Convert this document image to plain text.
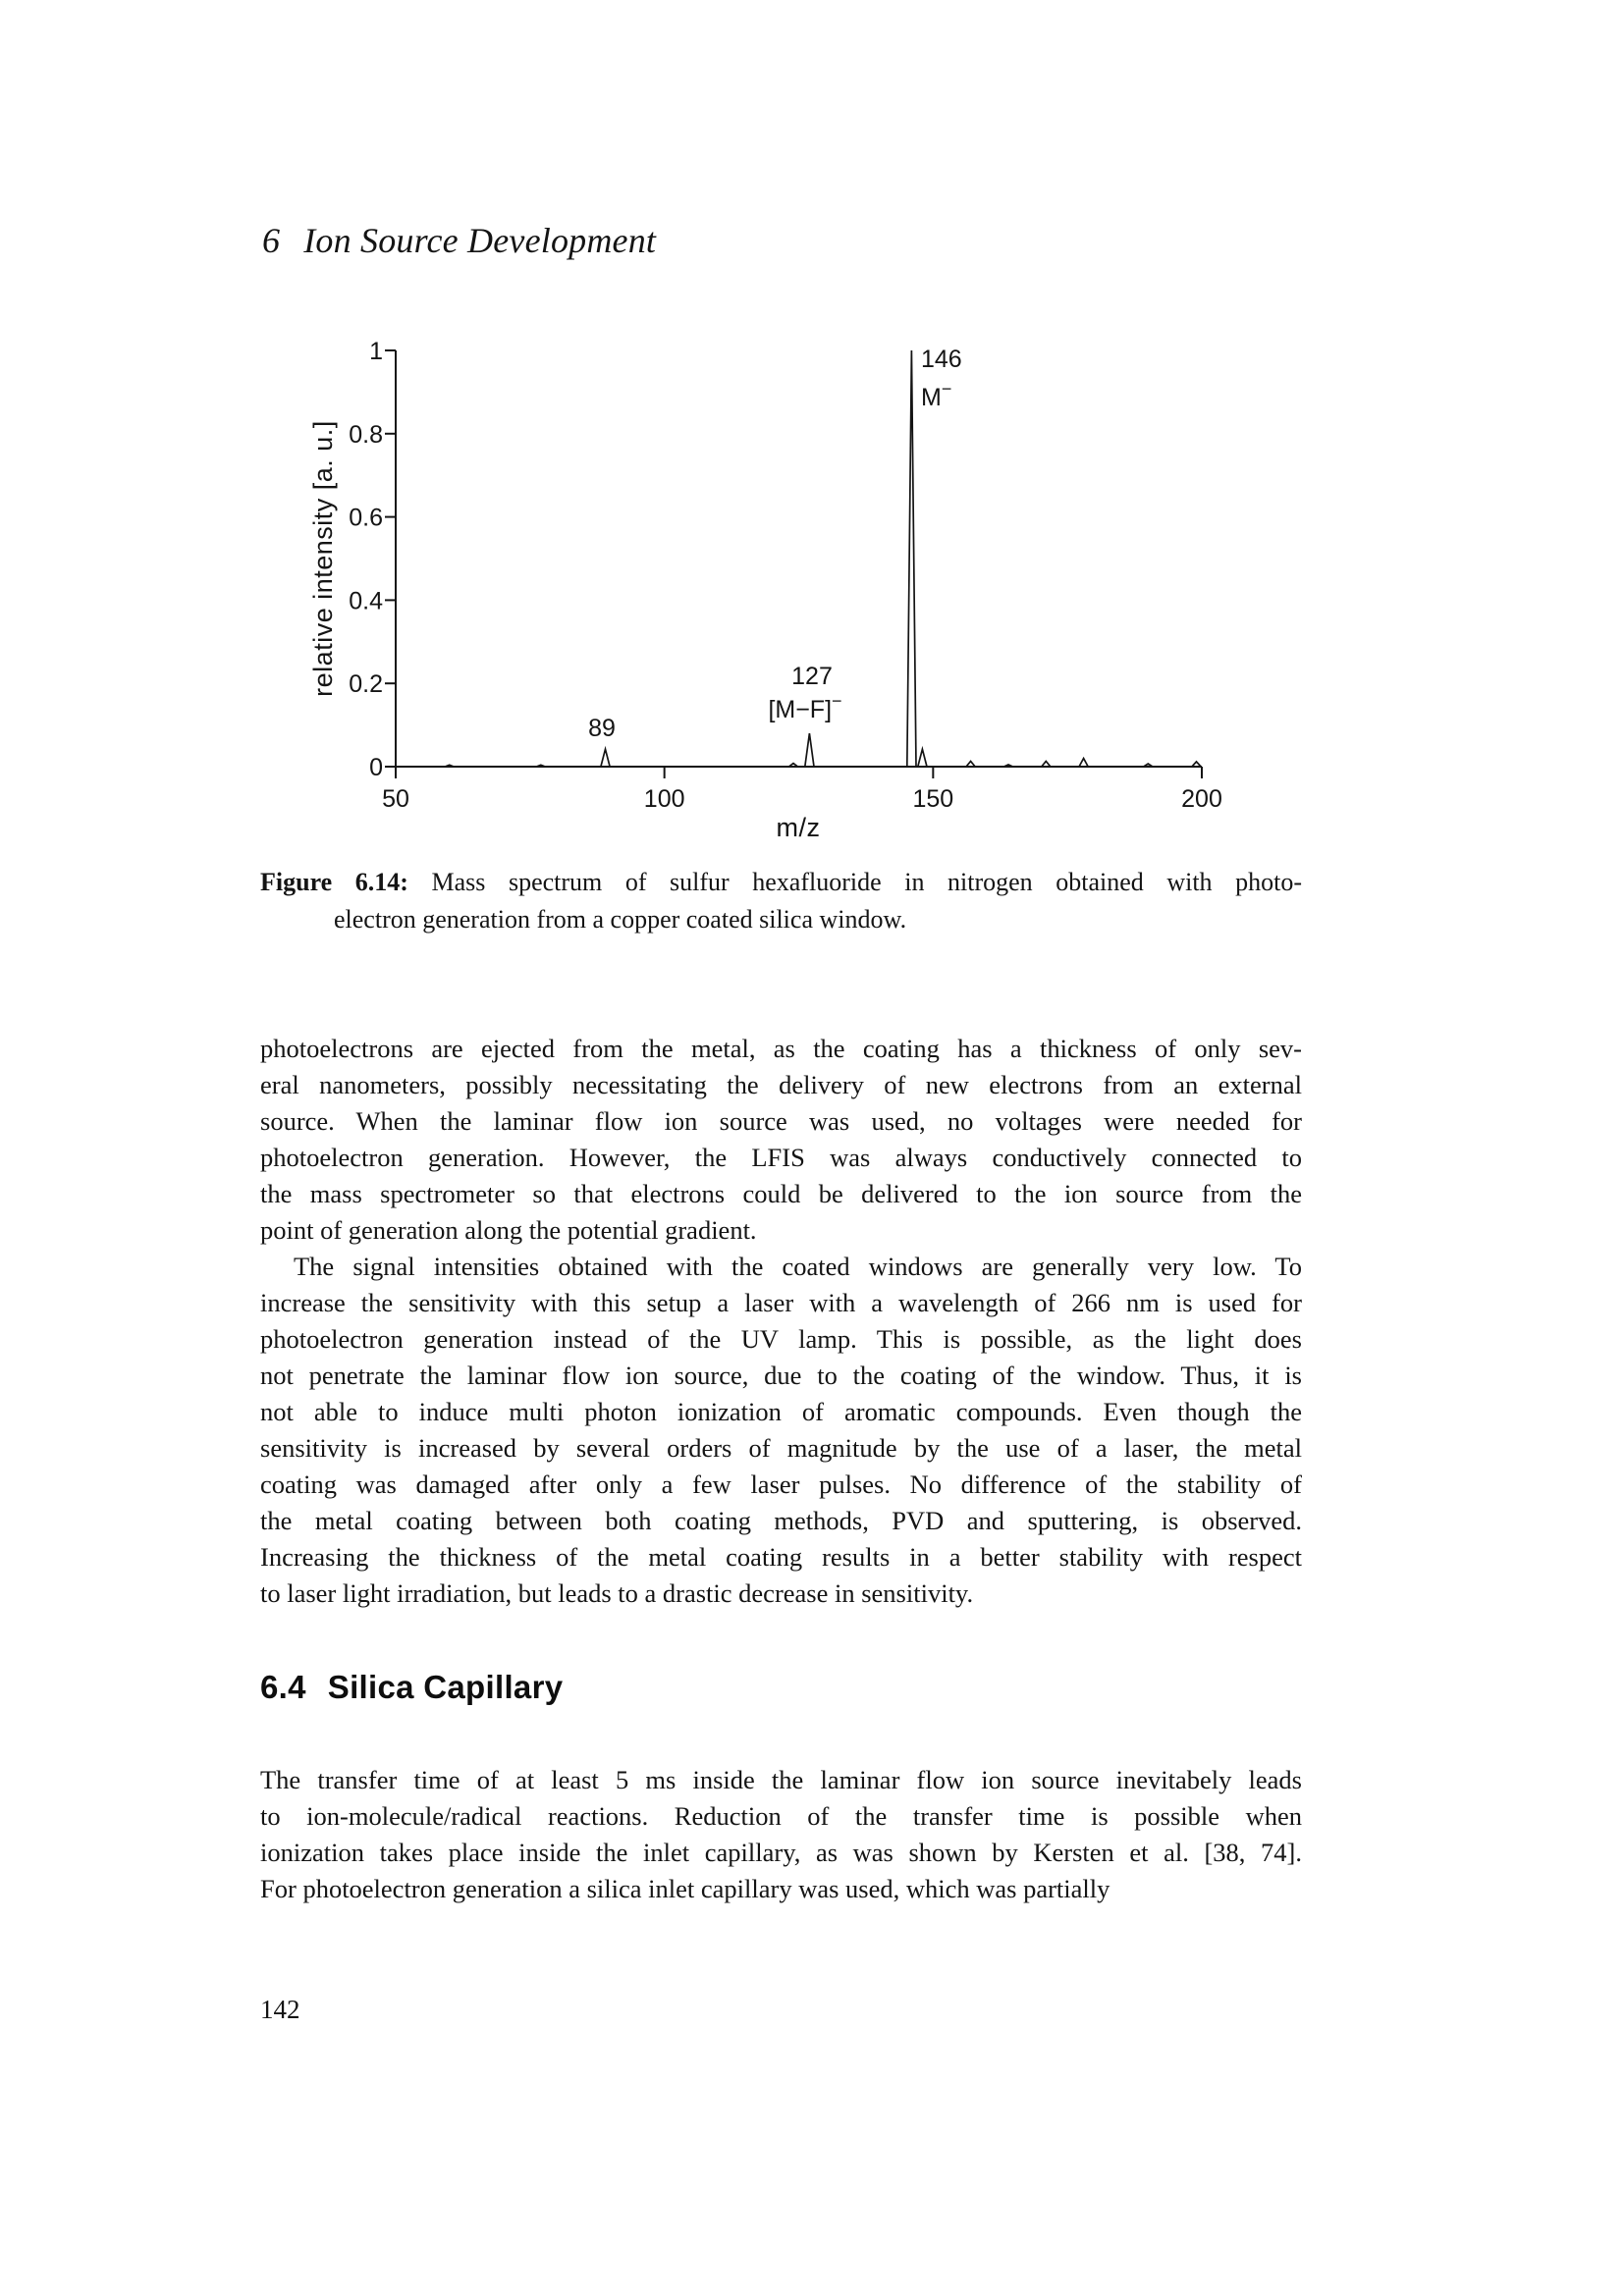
6 Ion Source Development
50	100	150	200
0
0.2
0.4
0.6
0.8
1
m/z
relative intensity [a. u.]
146
M−
127
[M−F]−
89
Figure 6.14: Mass spectrum of sulfur hexafluoride in nitrogen obtained with photo-
electron generation from a copper coated silica window.
photoelectrons are ejected from the metal, as the coating has a thickness of only sev-
eral nanometers, possibly necessitating the delivery of new electrons from an external
source. When the laminar flow ion source was used, no voltages were needed for
photoelectron generation. However, the LFIS was always conductively connected to
the mass spectrometer so that electrons could be delivered to the ion source from the
point of generation along the potential gradient.
The signal intensities obtained with the coated windows are generally very low. To
increase the sensitivity with this setup a laser with a wavelength of 266 nm is used for
photoelectron generation instead of the UV lamp. This is possible, as the light does
not penetrate the laminar flow ion source, due to the coating of the window. Thus, it is
not able to induce multi photon ionization of aromatic compounds. Even though the
sensitivity is increased by several orders of magnitude by the use of a laser, the metal
coating was damaged after only a few laser pulses. No difference of the stability of
the metal coating between both coating methods, PVD and sputtering, is observed.
Increasing the thickness of the metal coating results in a better stability with respect
to laser light irradiation, but leads to a drastic decrease in sensitivity.
6.4 Silica Capillary
The transfer time of at least 5 ms inside the laminar flow ion source inevitabely leads
to ion-molecule/radical reactions. Reduction of the transfer time is possible when
ionization takes place inside the inlet capillary, as was shown by Kersten et al. [38, 74].
For photoelectron generation a silica inlet capillary was used, which was partially
142
